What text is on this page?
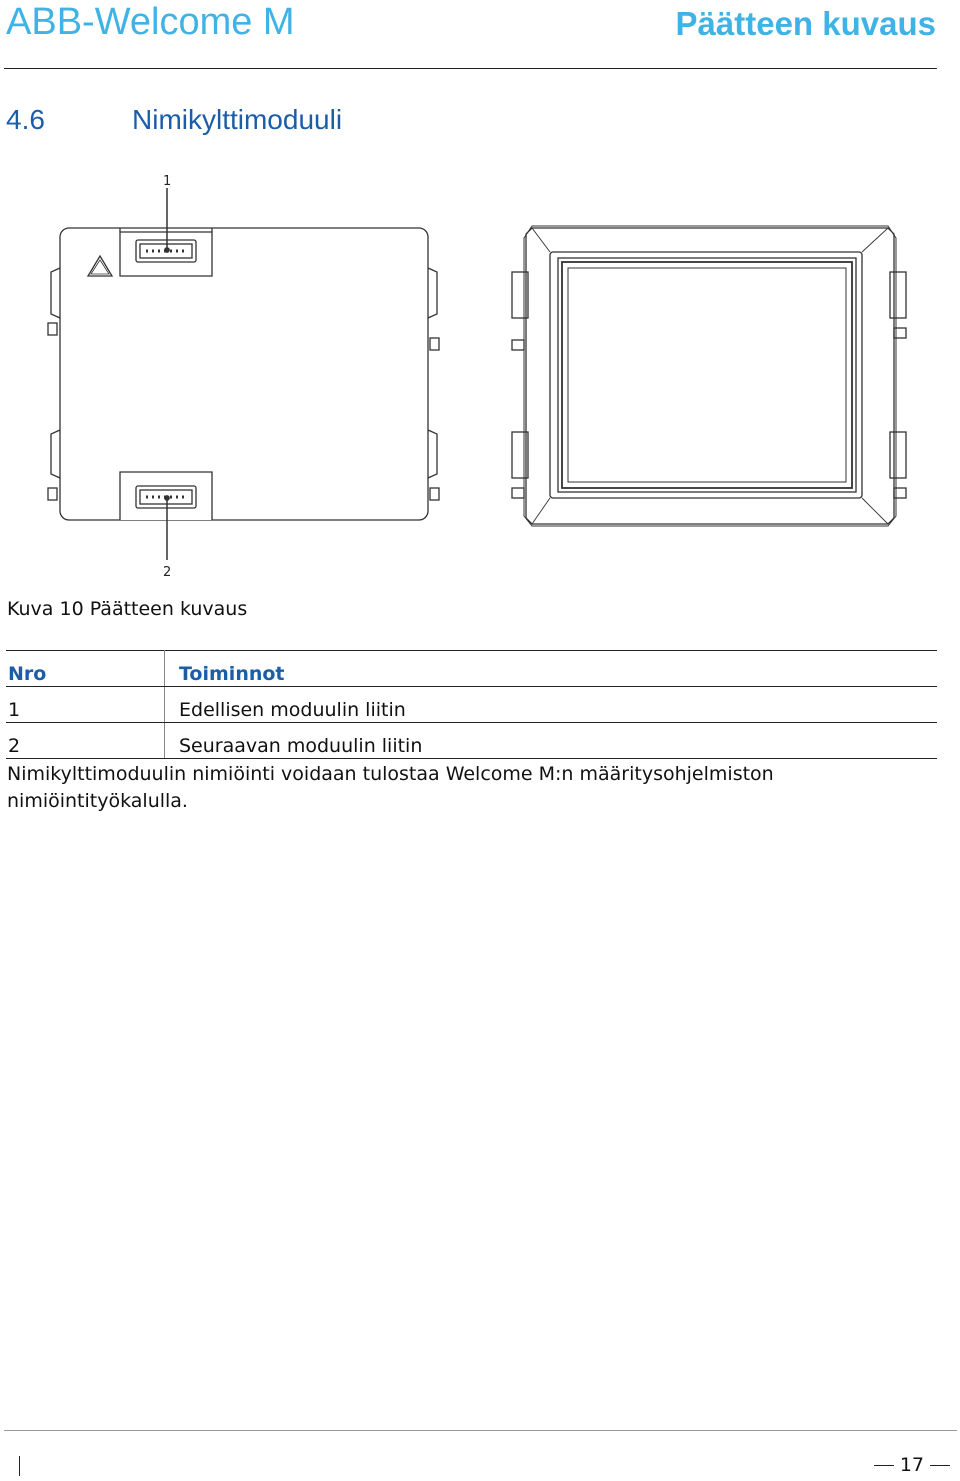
ABB-Welcome M	Päätteen kuvaus
4.6	Nimikylttimoduuli
1
2
Kuva 10 Päätteen kuvaus
Nro	Toiminnot
1	Edellisen moduulin liitin
2	Seuraavan moduulin liitin
Nimikylttimoduulin nimiöinti voidaan tulostaa Welcome M:n määritysohjelmiston nimiöintityökalulla.
17
